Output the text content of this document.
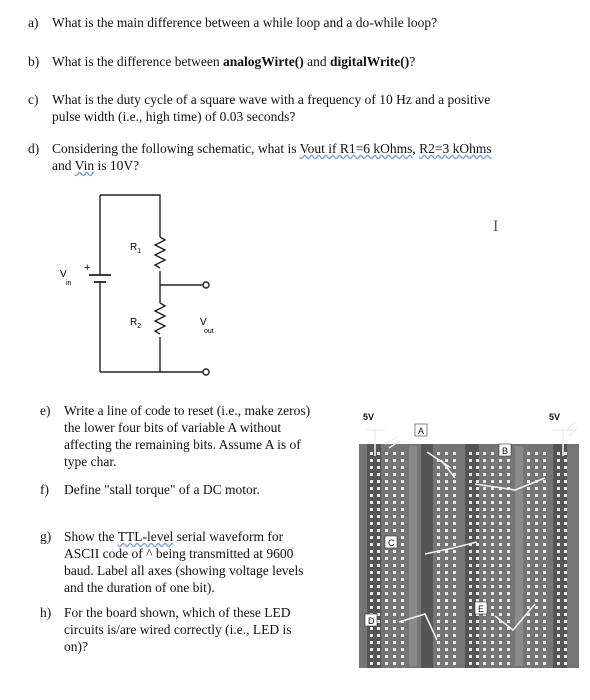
a) What is the main difference between a while loop and a do-while loop?
b) What is the difference between analogWirte() and digitalWrite()?
c) What is the duty cycle of a square wave with a frequency of 10 Hz and a positive
pulse width (i.e., high time) of 0.03 seconds?
d) Considering the following schematic, what is Vout if R1=6 kOhms, R2=3 kOhms
and Vin is 10V?
I
$R_1$
$R_2$
Vin
+
V out
e) Write a line of code to reset (i.e., make zeros)
the lower four bits of variable A without
affecting the remaining bits. Assume A is of
type char.
f) Define "stall torque" of a DC motor.
g) Show the TTL-level serial waveform for
ASCII code of ^ being transmitted at 9600
baud. Label all axes (showing voltage levels
and the duration of one bit).
h) For the board shown, which of these LED
circuits is/are wired correctly (i.e., LED is
on)?
5V	5V
A
B
C
D
E
